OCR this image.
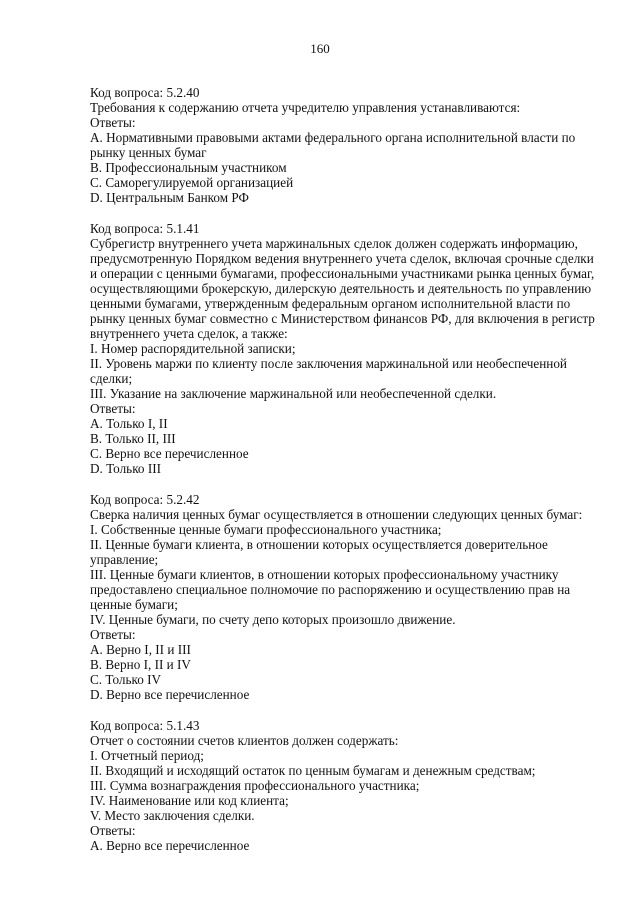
160
Код вопроса: 5.2.40
Требования к содержанию отчета учредителю управления устанавливаются:
Ответы:
A. Нормативными правовыми актами федерального органа исполнительной власти по
рынку ценных бумаг
B. Профессиональным участником
C. Саморегулируемой организацией
D. Центральным Банком РФ
Код вопроса: 5.1.41
Субрегистр внутреннего учета маржинальных сделок должен содержать информацию,
предусмотренную Порядком ведения внутреннего учета сделок, включая срочные сделки
и операции с ценными бумагами, профессиональными участниками рынка ценных бумаг,
осуществляющими брокерскую, дилерскую деятельность и деятельность по управлению
ценными бумагами, утвержденным федеральным органом исполнительной власти по
рынку ценных бумаг совместно с Министерством финансов РФ, для включения в регистр
внутреннего учета сделок, а также:
I. Номер распорядительной записки;
II. Уровень маржи по клиенту после заключения маржинальной или необеспеченной
сделки;
III. Указание на заключение маржинальной или необеспеченной сделки.
Ответы:
A. Только I, II
B. Только II, III
C. Верно все перечисленное
D. Только III
Код вопроса: 5.2.42
Сверка наличия ценных бумаг осуществляется в отношении следующих ценных бумаг:
I. Собственные ценные бумаги профессионального участника;
II. Ценные бумаги клиента, в отношении которых осуществляется доверительное
управление;
III. Ценные бумаги клиентов, в отношении которых профессиональному участнику
предоставлено специальное полномочие по распоряжению и осуществлению прав на
ценные бумаги;
IV. Ценные бумаги, по счету депо которых произошло движение.
Ответы:
A. Верно I, II и III
B. Верно I, II и IV
C. Только IV
D. Верно все перечисленное
Код вопроса: 5.1.43
Отчет о состоянии счетов клиентов должен содержать:
I. Отчетный период;
II. Входящий и исходящий остаток по ценным бумагам и денежным средствам;
III. Сумма вознаграждения профессионального участника;
IV. Наименование или код клиента;
V. Место заключения сделки.
Ответы:
A. Верно все перечисленное
